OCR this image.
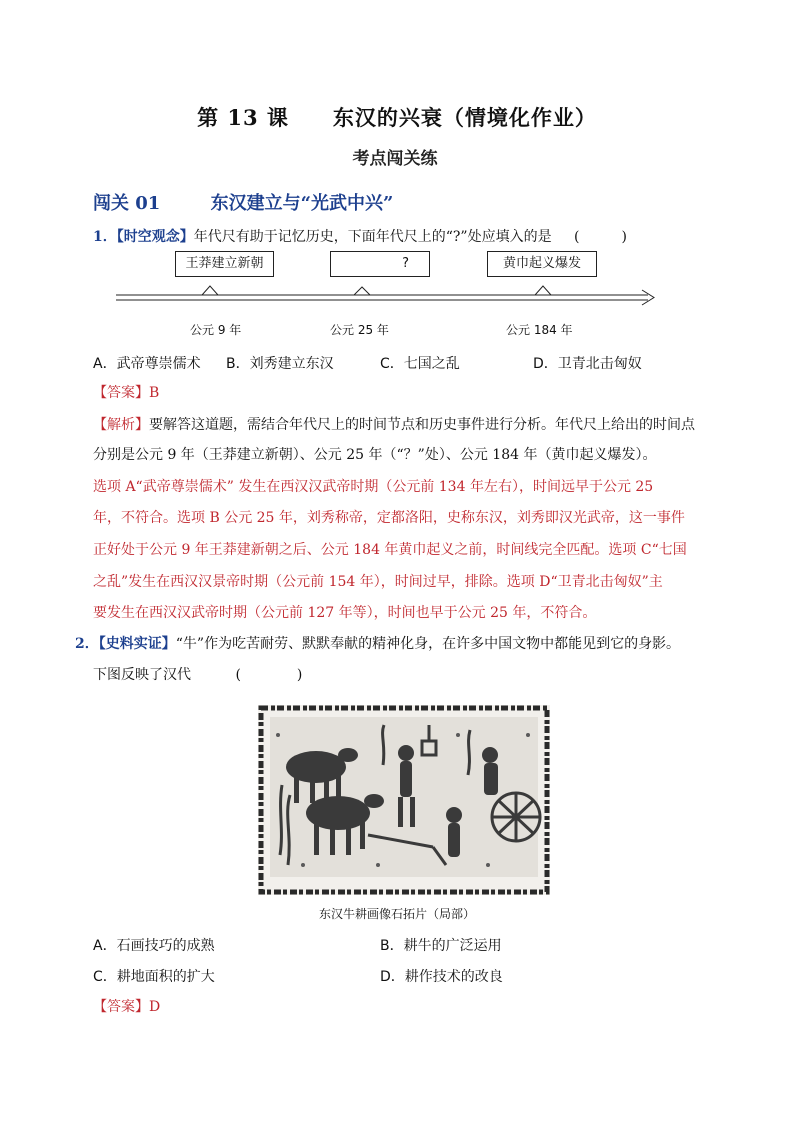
第 13 课　　东汉的兴衰（情境化作业）
考点闯关练
闯关 01	东汉建立与“光武中兴”
1．【时空观念】年代尺有助于记忆历史，下面年代尺上的“?”处应填入的是 (　　　)
王莽建立新朝	?	黄巾起义爆发
公元 9 年	公元 25 年	公元 184 年
A．武帝尊崇儒术 B．刘秀建立东汉	C．七国之乱	D．卫青北击匈奴
【答案】B
【解析】要解答这道题，需结合年代尺上的时间节点和历史事件进行分析。年代尺上给出的时间点
分别是公元 9 年（王莽建立新朝）、公元 25 年（“？”处）、公元 184 年（黄巾起义爆发）。
选项 A“武帝尊崇儒术” 发生在西汉汉武帝时期（公元前 134 年左右），时间远早于公元 25
年，不符合。选项 B 公元 25 年，刘秀称帝，定都洛阳，史称东汉，刘秀即汉光武帝，这一事件
正好处于公元 9 年王莽建新朝之后、公元 184 年黄巾起义之前，时间线完全匹配。选项 C“七国
之乱”发生在西汉汉景帝时期（公元前 154 年），时间过早，排除。选项 D“卫青北击匈奴”主
要发生在西汉汉武帝时期（公元前 127 年等），时间也早于公元 25 年，不符合。
2．【史料实证】“牛”作为吃苦耐劳、默默奉献的精神化身，在许多中国文物中都能见到它的身影。
下图反映了汉代	(　　　　)
东汉牛耕画像石拓片（局部）
A．石画技巧的成熟	B．耕牛的广泛运用
C．耕地面积的扩大	D．耕作技术的改良
【答案】D
